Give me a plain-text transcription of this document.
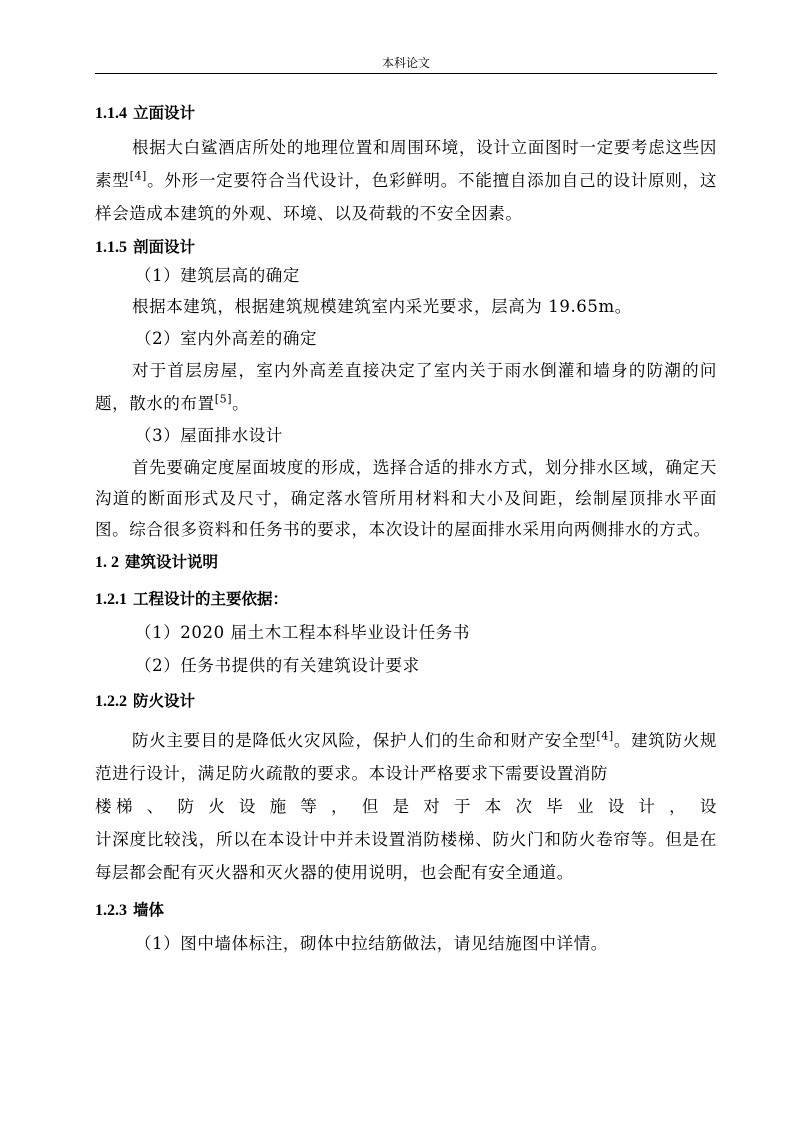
本科论文
1.1.4 立面设计

根据大白鲨酒店所处的地理位置和周围环境，设计立面图时一定要考虑这些因素型[4]。外形一定要符合当代设计，色彩鲜明。不能擅自添加自己的设计原则，这样会造成本建筑的外观、环境、以及荷载的不安全因素。

1.1.5 剖面设计

（1）建筑层高的确定

根据本建筑，根据建筑规模建筑室内采光要求，层高为 19.65m。

（2）室内外高差的确定

对于首层房屋，室内外高差直接决定了室内关于雨水倒灌和墙身的防潮的问题，散水的布置[5]。

（3）屋面排水设计

首先要确定度屋面坡度的形成，选择合适的排水方式，划分排水区域，确定天沟道的断面形式及尺寸，确定落水管所用材料和大小及间距，绘制屋顶排水平面图。综合很多资料和任务书的要求，本次设计的屋面排水采用向两侧排水的方式。

1. 2 建筑设计说明
1.2.1 工程设计的主要依据：

（1）2020 届土木工程本科毕业设计任务书

（2）任务书提供的有关建筑设计要求

1.2.2 防火设计

防火主要目的是降低火灾风险，保护人们的生命和财产安全型[4]。建筑防火规范进行设计，满足防火疏散的要求。本设计严格要求下需要设置消防

楼梯 、 防 火 设 施 等 ， 但 是 对 于 本 次 毕 业 设 计 ， 设

计深度比较浅，所以在本设计中并未设置消防楼梯、防火门和防火卷帘等。但是在每层都会配有灭火器和灭火器的使用说明，也会配有安全通道。

1.2.3 墙体

（1）图中墙体标注，砌体中拉结筋做法，请见结施图中详情。
